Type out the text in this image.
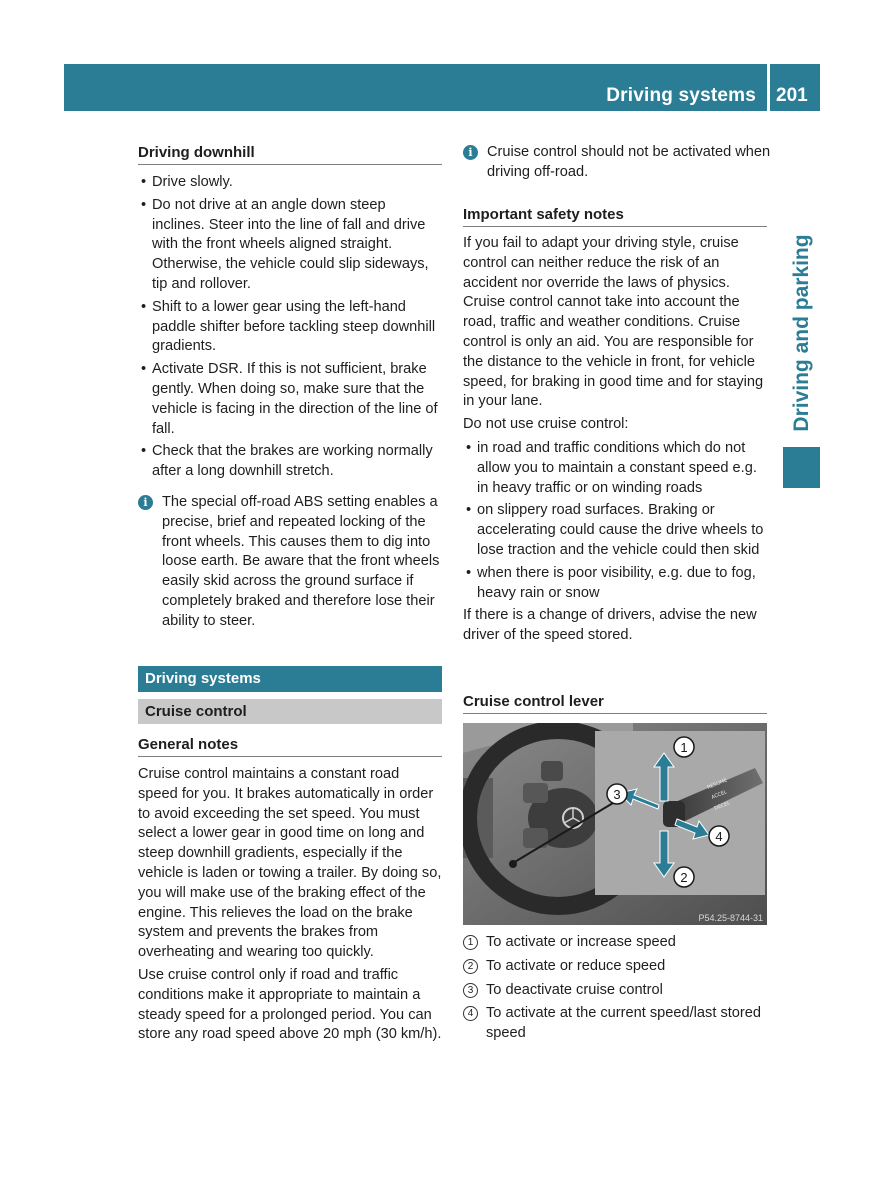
Driving systems 201
Driving and parking
Driving downhill
• Drive slowly.
• Do not drive at an angle down steep inclines. Steer into the line of fall and drive with the front wheels aligned straight. Otherwise, the vehicle could slip sideways, tip and rollover.
• Shift to a lower gear using the left-hand paddle shifter before tackling steep downhill gradients.
• Activate DSR. If this is not sufficient, brake gently. When doing so, make sure that the vehicle is facing in the direction of the line of fall.
• Check that the brakes are working normally after a long downhill stretch.
i The special off-road ABS setting enables a precise, brief and repeated locking of the front wheels. This causes them to dig into loose earth. Be aware that the front wheels easily skid across the ground surface if completely braked and therefore lose their ability to steer.
Driving systems
Cruise control
General notes
Cruise control maintains a constant road speed for you. It brakes automatically in order to avoid exceeding the set speed. You must select a lower gear in good time on long and steep downhill gradients, especially if the vehicle is laden or towing a trailer. By doing so, you will make use of the braking effect of the engine. This relieves the load on the brake system and prevents the brakes from overheating and wearing too quickly.
Use cruise control only if road and traffic conditions make it appropriate to maintain a steady speed for a prolonged period. You can store any road speed above 20 mph (30 km/h).
i Cruise control should not be activated when driving off-road.
Important safety notes
If you fail to adapt your driving style, cruise control can neither reduce the risk of an accident nor override the laws of physics. Cruise control cannot take into account the road, traffic and weather conditions. Cruise control is only an aid. You are responsible for the distance to the vehicle in front, for vehicle speed, for braking in good time and for staying in your lane.
Do not use cruise control:
• in road and traffic conditions which do not allow you to maintain a constant speed e.g. in heavy traffic or on winding roads
• on slippery road surfaces. Braking or accelerating could cause the drive wheels to lose traction and the vehicle could then skid
• when there is poor visibility, e.g. due to fog, heavy rain or snow
If there is a change of drivers, advise the new driver of the speed stored.
Cruise control lever
RESUME
ACCEL
DECEL
1
2
3
4
P54.25-8744-31
1 To activate or increase speed
2 To activate or reduce speed
3 To deactivate cruise control
4 To activate at the current speed/last stored speed
